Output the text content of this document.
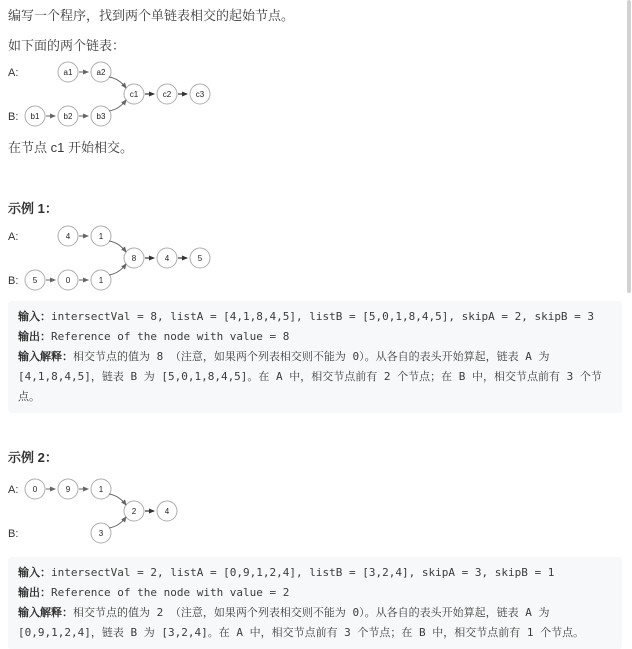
编写一个程序，找到两个单链表相交的起始节点。

如下面的两个链表：

A:	a1	a2
B: b1	b2	b3
c1	c2	c3

在节点 c1 开始相交。

示例 1：
A:	4	1
B: 5	0	1
8	4	5
输入：intersectVal = 8, listA = [4,1,8,4,5], listB = [5,0,1,8,4,5], skipA = 2, skipB = 3
输出：Reference of the node with value = 8
输入解释：相交节点的值为 8 （注意，如果两个列表相交则不能为 0）。从各自的表头开始算起，链表 A 为 [4,1,8,4,5]，链表 B 为 [5,0,1,8,4,5]。在 A 中，相交节点前有 2 个节点；在 B 中，相交节点前有 3 个节点。
示例 2：
A: 0	9	1
B:	3
2	4
输入：intersectVal = 2, listA = [0,9,1,2,4], listB = [3,2,4], skipA = 3, skipB = 1
输出：Reference of the node with value = 2
输入解释：相交节点的值为 2 （注意，如果两个列表相交则不能为 0）。从各自的表头开始算起，链表 A 为 [0,9,1,2,4]，链表 B 为 [3,2,4]。在 A 中，相交节点前有 3 个节点；在 B 中，相交节点前有 1 个节点。
